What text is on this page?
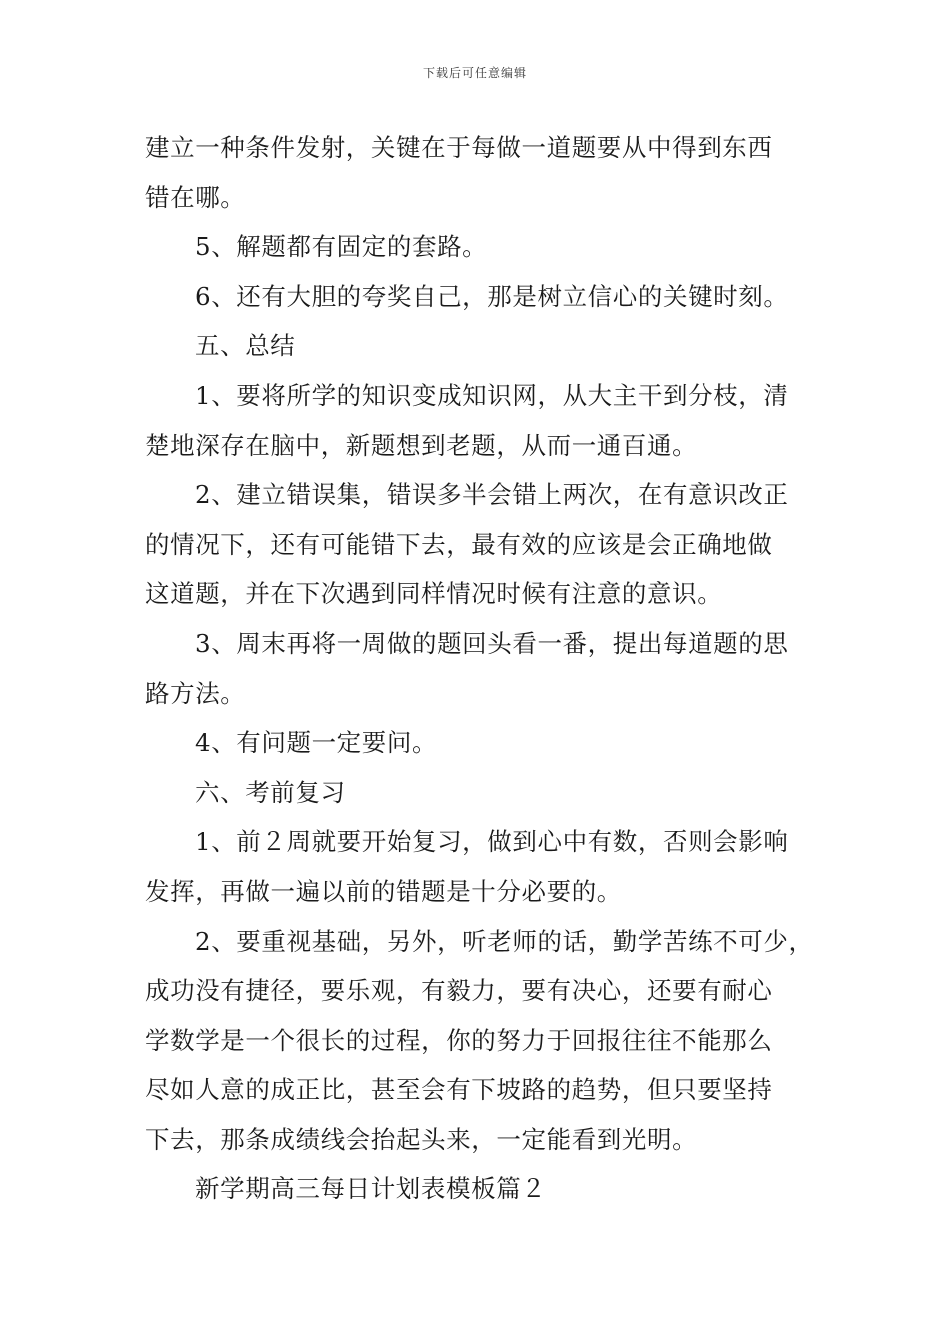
下载后可任意编辑

建立一种条件发射，关键在于每做一道题要从中得到东西

错在哪。

5、解题都有固定的套路。

6、还有大胆的夸奖自己，那是树立信心的关键时刻。

五、总结

1、要将所学的知识变成知识网，从大主干到分枝，清

楚地深存在脑中，新题想到老题，从而一通百通。

2、建立错误集，错误多半会错上两次，在有意识改正

的情况下，还有可能错下去，最有效的应该是会正确地做

这道题，并在下次遇到同样情况时候有注意的意识。

3、周末再将一周做的题回头看一番，提出每道题的思

路方法。

4、有问题一定要问。

六、考前复习

1、前２周就要开始复习，做到心中有数，否则会影响

发挥，再做一遍以前的错题是十分必要的。

2、要重视基础，另外，听老师的话，勤学苦练不可少，

成功没有捷径，要乐观，有毅力，要有决心，还要有耐心

学数学是一个很长的过程，你的努力于回报往往不能那么

尽如人意的成正比，甚至会有下坡路的趋势，但只要坚持

下去，那条成绩线会抬起头来，一定能看到光明。

新学期高三每日计划表模板篇２
